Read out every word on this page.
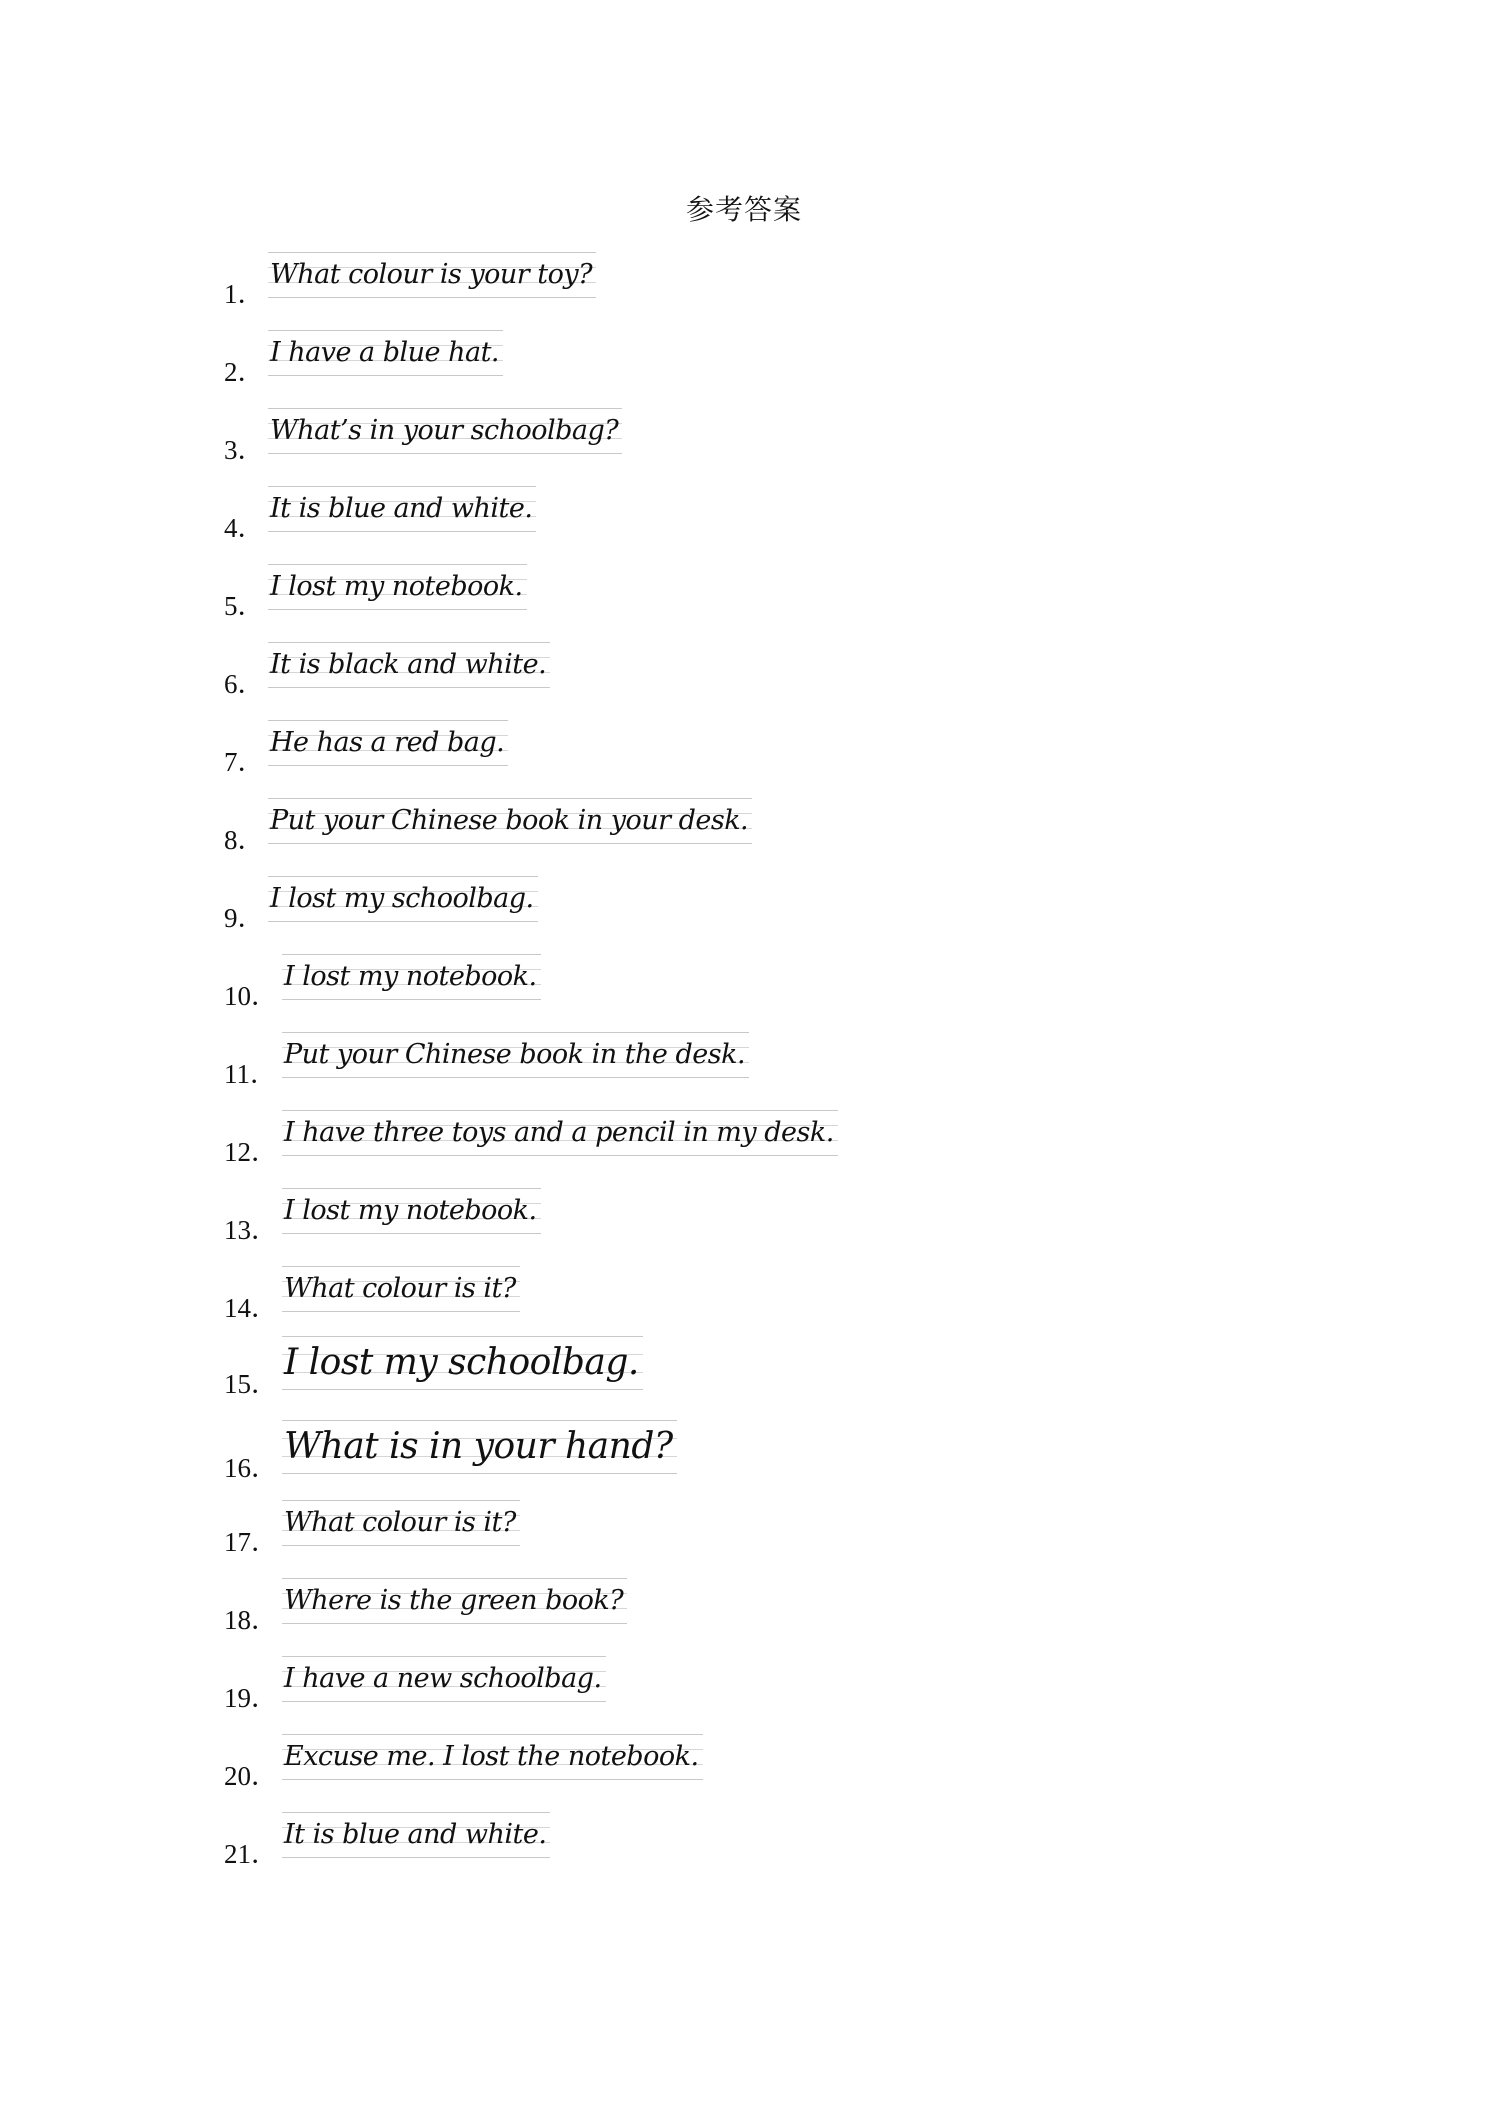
参考答案
1．
What colour is your toy?
2．
I have a blue hat.
3．
What’s in your schoolbag?
4．
It is blue and white.
5．
I lost my notebook.
6．
It is black and white.
7．
He has a red bag.
8．
Put your Chinese book in your desk.
9．
I lost my schoolbag.
10．
I lost my notebook.
11．
Put your Chinese book in the desk.
12．
I have three toys and a pencil in my desk.
13．
I lost my notebook.
14．
What colour is it?
15．
I lost my schoolbag.
16．
What is in your hand?
17．
What colour is it?
18．
Where is the green book?
19．
I have a new schoolbag.
20．
Excuse me. I lost the notebook.
21．
It is blue and white.
